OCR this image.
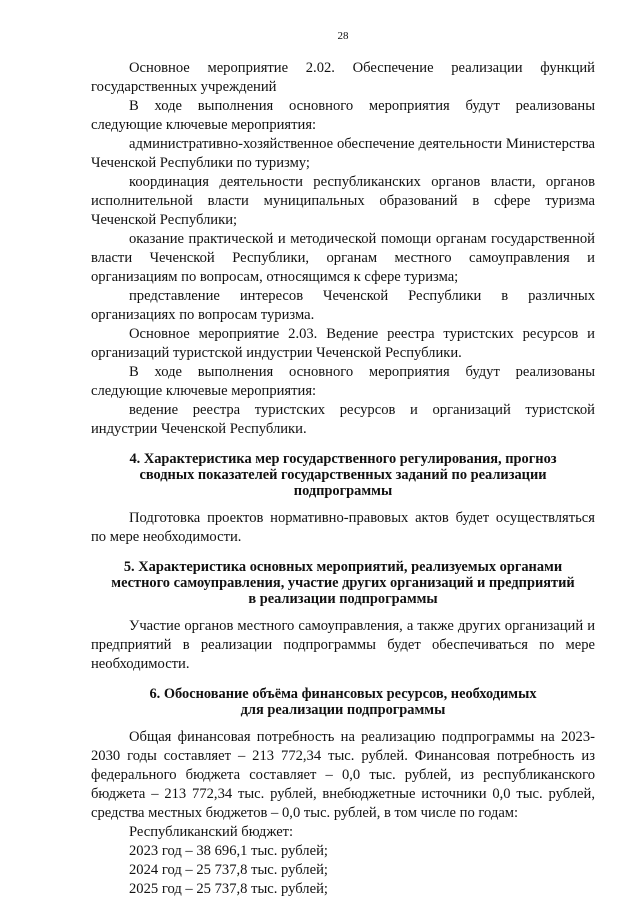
28

Основное мероприятие 2.02. Обеспечение реализации функций государственных учреждений

В ходе выполнения основного мероприятия будут реализованы следующие ключевые мероприятия:

административно-хозяйственное обеспечение деятельности Министерства Чеченской Республики по туризму;

координация деятельности республиканских органов власти, органов исполнительной власти муниципальных образований в сфере туризма Чеченской Республики;

оказание практической и методической помощи органам государственной власти Чеченской Республики, органам местного самоуправления и организациям по вопросам, относящимся к сфере туризма;

представление интересов Чеченской Республики в различных организациях по вопросам туризма.

Основное мероприятие 2.03. Ведение реестра туристских ресурсов и организаций туристской индустрии Чеченской Республики.

В ходе выполнения основного мероприятия будут реализованы следующие ключевые мероприятия:

ведение реестра туристских ресурсов и организаций туристской индустрии Чеченской Республики.

4. Характеристика мер государственного регулирования, прогноз
сводных показателей государственных заданий по реализации
подпрограммы

Подготовка проектов нормативно-правовых актов будет осуществляться по мере необходимости.

5. Характеристика основных мероприятий, реализуемых органами
местного самоуправления, участие других организаций и предприятий
в реализации подпрограммы

Участие органов местного самоуправления, а также других организаций и предприятий в реализации подпрограммы будет обеспечиваться по мере необходимости.

6. Обоснование объёма финансовых ресурсов, необходимых
для реализации подпрограммы

Общая финансовая потребность на реализацию подпрограммы на 2023-2030 годы составляет – 213 772,34 тыс. рублей. Финансовая потребность из федерального бюджета составляет – 0,0 тыс. рублей, из республиканского бюджета – 213 772,34 тыс. рублей, внебюджетные источники 0,0 тыс. рублей, средства местных бюджетов – 0,0 тыс. рублей, в том числе по годам:

Республиканский бюджет:

2023 год – 38 696,1 тыс. рублей;

2024 год – 25 737,8 тыс. рублей;

2025 год – 25 737,8 тыс. рублей;
